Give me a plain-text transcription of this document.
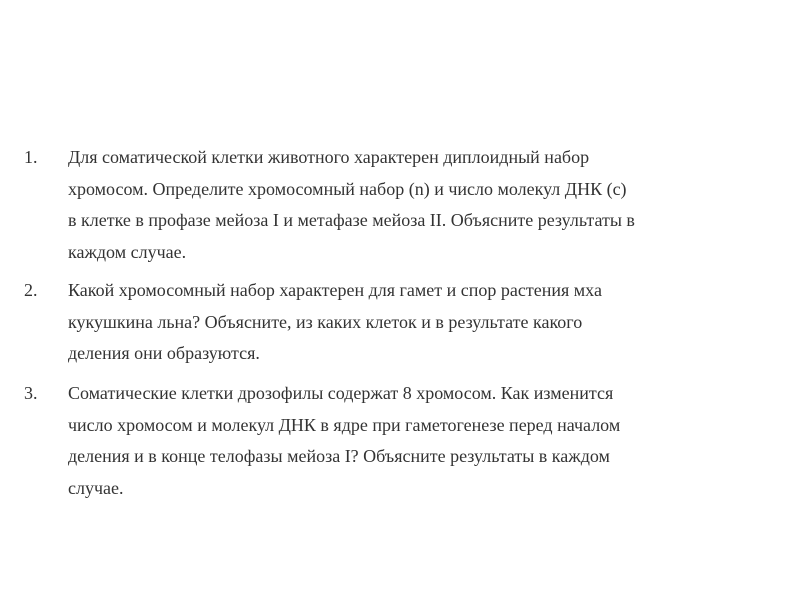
1. Для соматической клетки животного характерен диплоидный набор
хромосом. Определите хромосомный набор (n) и число молекул ДНК (с)
в клетке в профазе мейоза I и метафазе мейоза II. Объясните результаты в
каждом случае.
2. Какой хромосомный набор характерен для гамет и спор растения мха
кукушкина льна? Объясните, из каких клеток и в результате какого
деления они образуются.
3. Соматические клетки дрозофилы содержат 8 хромосом. Как изменится
число хромосом и молекул ДНК в ядре при гаметогенезе перед началом
деления и в конце телофазы мейоза I? Объясните результаты в каждом
случае.
